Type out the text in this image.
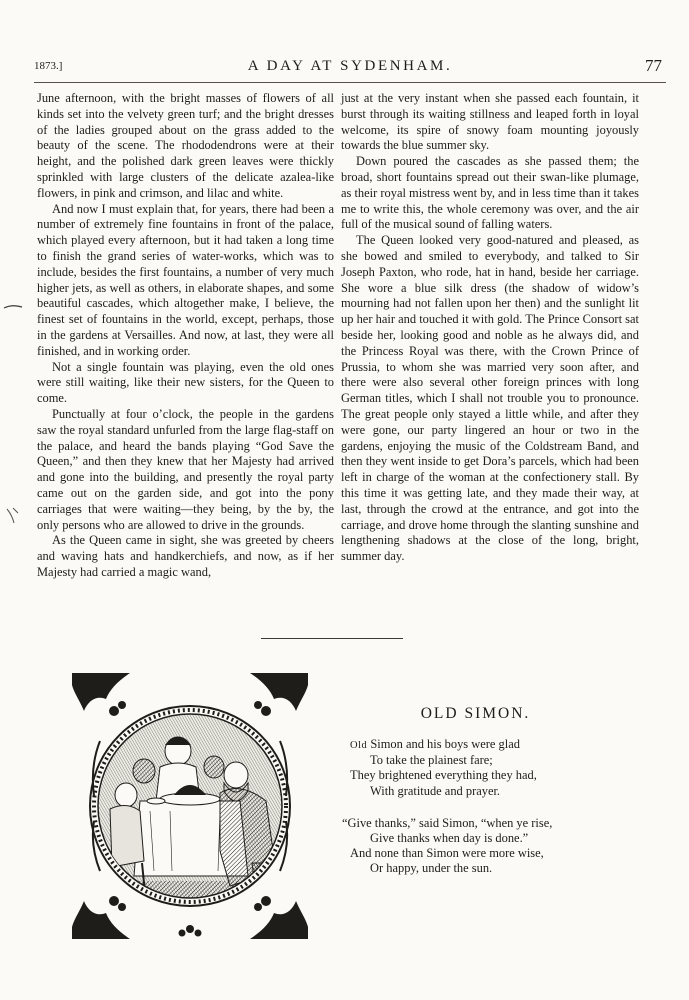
1873.]	A DAY AT SYDENHAM.	77

June afternoon, with the bright masses of flowers of all kinds set into the velvety green turf; and the bright dresses of the ladies grouped about on the grass added to the beauty of the scene. The rhododendrons were at their height, and the polished dark green leaves were thickly sprinkled with large clusters of the delicate azalea-like flowers, in pink and crimson, and lilac and white.

And now I must explain that, for years, there had been a number of extremely fine fountains in front of the palace, which played every afternoon, but it had taken a long time to finish the grand series of water-works, which was to include, besides the first fountains, a number of very much higher jets, as well as others, in elaborate shapes, and some beautiful cascades, which altogether make, I believe, the finest set of fountains in the world, except, perhaps, those in the gardens at Versailles. And now, at last, they were all finished, and in working order.

Not a single fountain was playing, even the old ones were still waiting, like their new sisters, for the Queen to come.

Punctually at four o’clock, the people in the gardens saw the royal standard unfurled from the large flag-staff on the palace, and heard the bands playing “God Save the Queen,” and then they knew that her Majesty had arrived and gone into the building, and presently the royal party came out on the garden side, and got into the pony carriages that were waiting—they being, by the by, the only persons who are allowed to drive in the grounds.

As the Queen came in sight, she was greeted by cheers and waving hats and handkerchiefs, and now, as if her Majesty had carried a magic wand,

just at the very instant when she passed each fountain, it burst through its waiting stillness and leaped forth in loyal welcome, its spire of snowy foam mounting joyously towards the blue summer sky.

Down poured the cascades as she passed them; the broad, short fountains spread out their swan-like plumage, as their royal mistress went by, and in less time than it takes me to write this, the whole ceremony was over, and the air full of the musical sound of falling waters.

The Queen looked very good-natured and pleased, as she bowed and smiled to everybody, and talked to Sir Joseph Paxton, who rode, hat in hand, beside her carriage. She wore a blue silk dress (the shadow of widow’s mourning had not fallen upon her then) and the sunlight lit up her hair and touched it with gold. The Prince Consort sat beside her, looking good and noble as he always did, and the Princess Royal was there, with the Crown Prince of Prussia, to whom she was married very soon after, and there were also several other foreign princes with long German titles, which I shall not trouble you to pronounce. The great people only stayed a little while, and after they were gone, our party lingered an hour or two in the gardens, enjoying the music of the Coldstream Band, and then they went inside to get Dora’s parcels, which had been left in charge of the woman at the confectionery stall. By this time it was getting late, and they made their way, at last, through the crowd at the entrance, and got into the carriage, and drove home through the slanting sunshine and lengthening shadows at the close of the long, bright, summer day.

OLD SIMON.
Old Simon and his boys were glad
To take the plainest fare;
They brightened everything they had,
With gratitude and prayer.
“Give thanks,” said Simon, “when ye rise,
Give thanks when day is done.”
And none than Simon were more wise,
Or happy, under the sun.
